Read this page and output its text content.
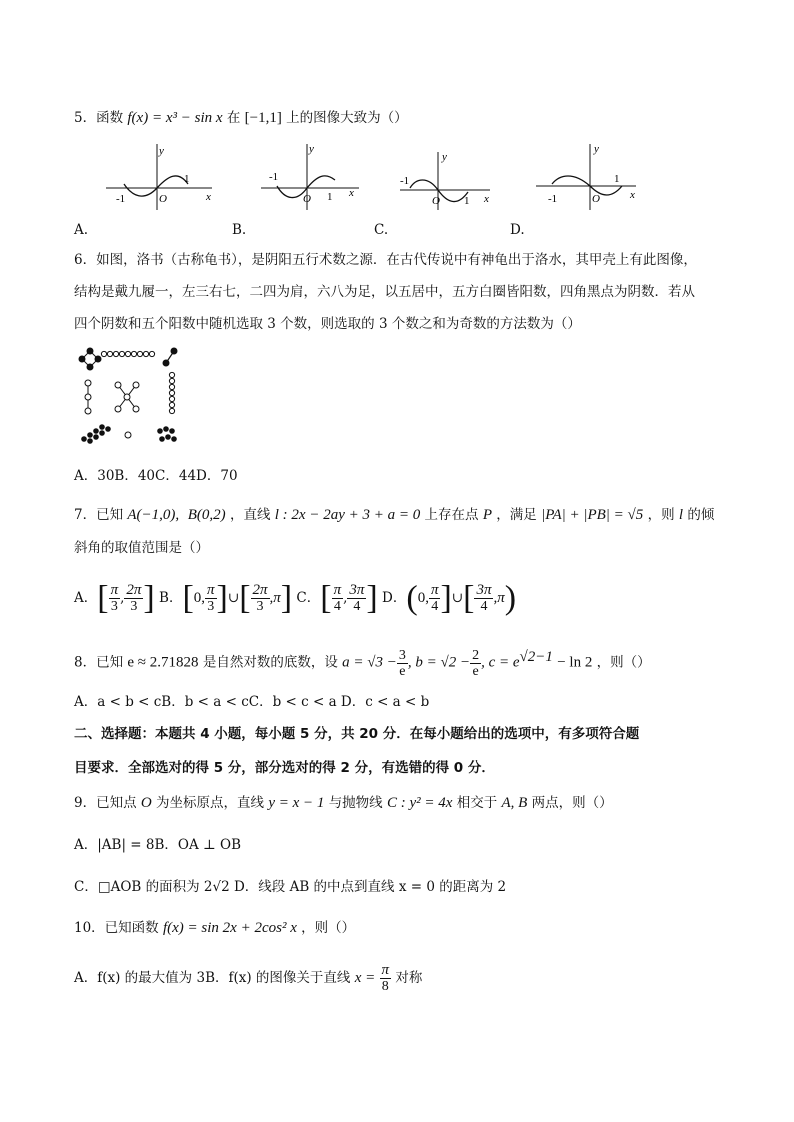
5．函数 f(x) = x³ − sin x 在 [−1,1] 上的图像大致为（）
y
x
O
-1
1
A.
y
x
O
-1
1
B.
y
x
O
-1
1
C.
y
x
O
-1
1
D.
6．如图，洛书（古称龟书），是阴阳五行术数之源．在古代传说中有神龟出于洛水，其甲壳上有此图像，
结构是戴九履一，左三右七，二四为肩，六八为足，以五居中，五方白圈皆阳数，四角黑点为阴数．若从
四个阴数和五个阳数中随机选取 3 个数，则选取的 3 个数之和为奇数的方法数为（）
A．30B．40C．44D．70
7．已知 A(−1,0), B(0,2) ，直线 l : 2x − 2ay + 3 + a = 0 上存在点 P ，满足 |PA| + |PB| = √5 ，则 l 的倾
斜角的取值范围是（）
A．[ $\frac{\pi}{3}$ , $\frac{2\pi}{3}$ ] B．[0, $\frac{\pi}{3}$ ]∪[ $\frac{2\pi}{3} ,\pi$] C．[ $\frac{\pi}{4}$ , $\frac{3\pi}{4}$ ] D．(0, $\frac{\pi}{4}$ ]∪[ $\frac{3\pi}{4} ,\pi$)
8．已知 e ≈ 2.71828 是自然对数的底数，设 $a = √3 - \frac{3}{e}$ , $b = √2 - \frac{2}{e}$ , $c = e^{√2-1} - \ln 2$ ，则（）
A．a < b < cB．b < a < cC．b < c < a D．c < a < b
二、选择题：本题共 4 小题，每小题 5 分，共 20 分．在每小题给出的选项中，有多项符合题
目要求．全部选对的得 5 分，部分选对的得 2 分，有选错的得 0 分．
9．已知点 O 为坐标原点，直线 y = x − 1 与抛物线 C : y² = 4x 相交于 A, B 两点，则（）
A．|AB| = 8B．OA ⊥ OB
C．□AOB 的面积为 2√2 D．线段 AB 的中点到直线 x = 0 的距离为 2
10．已知函数 f(x) = sin 2x + 2cos² x ，则（）
A．f(x) 的最大值为 3B．f(x) 的图像关于直线 $x = \frac{\pi}{8}$ 对称
